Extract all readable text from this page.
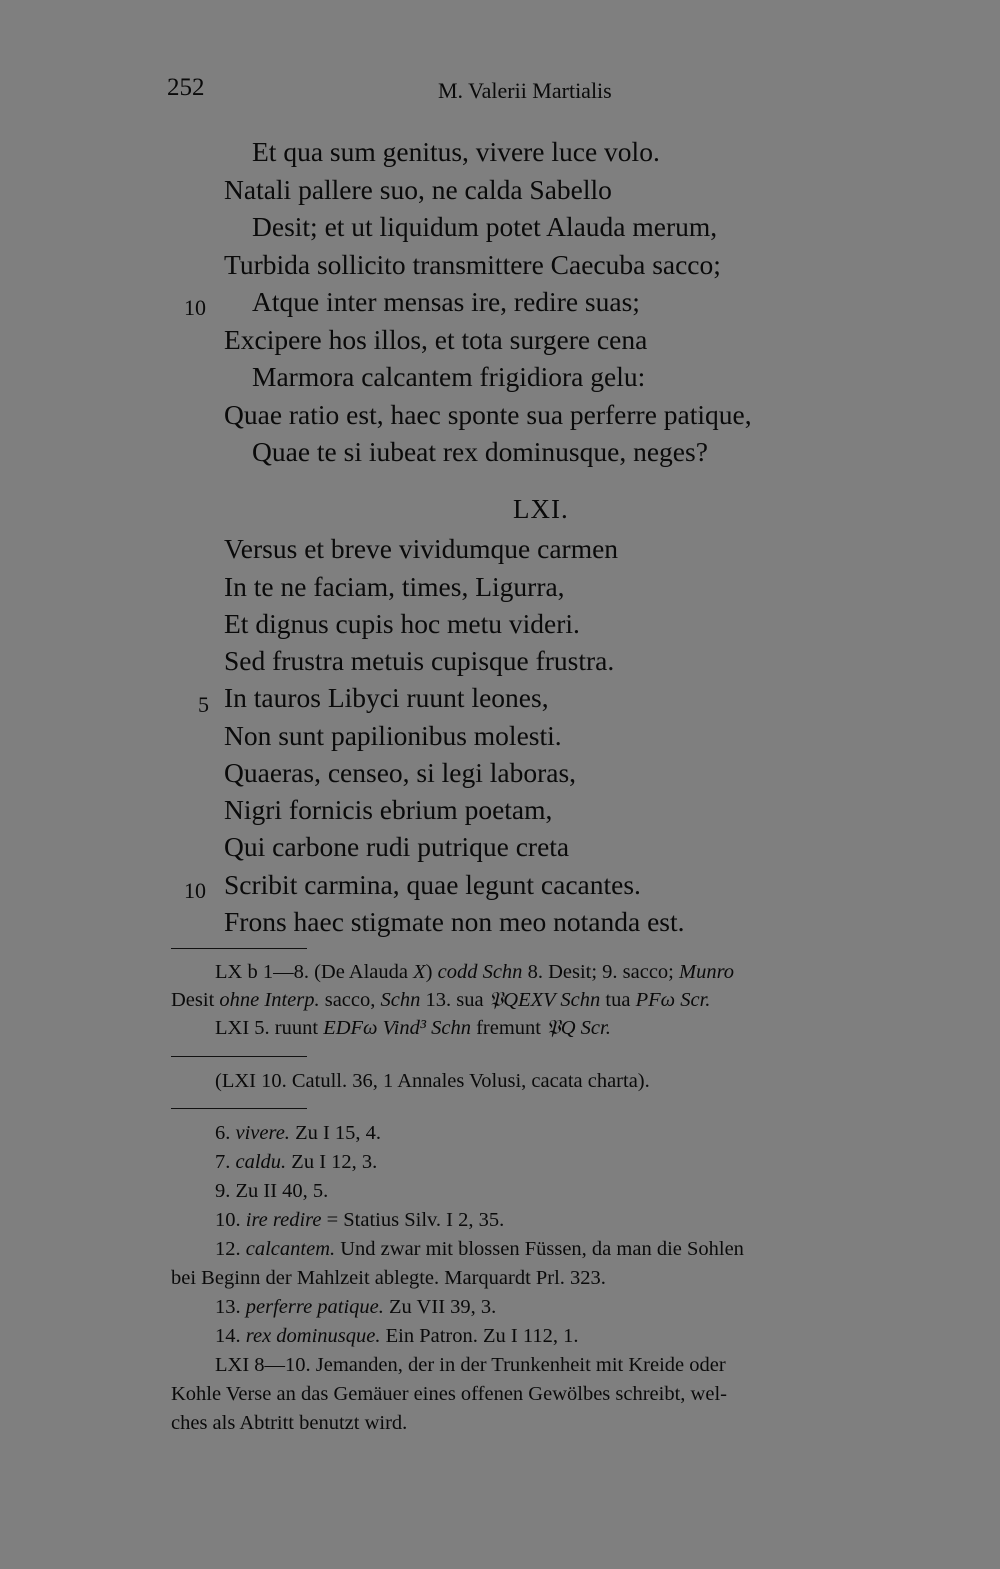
252	M. Valerii Martialis
Et qua sum genitus, vivere luce volo.
Natali pallere suo, ne calda Sabello
Desit; et ut liquidum potet Alauda merum,
Turbida sollicito transmittere Caecuba sacco;
10 Atque inter mensas ire, redire suas;
Excipere hos illos, et tota surgere cena
Marmora calcantem frigidiora gelu:
Quae ratio est, haec sponte sua perferre patique,
Quae te si iubeat rex dominusque, neges?
LXI.
Versus et breve vividumque carmen
In te ne faciam, times, Ligurra,
Et dignus cupis hoc metu videri.
Sed frustra metuis cupisque frustra.
5 In tauros Libyci ruunt leones,
Non sunt papilionibus molesti.
Quaeras, censeo, si legi laboras,
Nigri fornicis ebrium poetam,
Qui carbone rudi putrique creta
10 Scribit carmina, quae legunt cacantes.
Frons haec stigmate non meo notanda est.
LX b 1—8. (De Alauda X) codd Schn 8. Desit; 9. sacco; Munro
Desit ohne Interp. sacco, Schn 13. sua 𝔓QEXV Schn tua PFω Scr.
LXI 5. ruunt EDFω Vind³ Schn fremunt 𝔓Q Scr.
(LXI 10. Catull. 36, 1 Annales Volusi, cacata charta).
6. vivere. Zu I 15, 4.
7. caldu. Zu I 12, 3.
9. Zu II 40, 5.
10. ire redire = Statius Silv. I 2, 35.
12. calcantem. Und zwar mit blossen Füssen, da man die Sohlen
bei Beginn der Mahlzeit ablegte. Marquardt Prl. 323.
13. perferre patique. Zu VII 39, 3.
14. rex dominusque. Ein Patron. Zu I 112, 1.
LXI 8—10. Jemanden, der in der Trunkenheit mit Kreide oder
Kohle Verse an das Gemäuer eines offenen Gewölbes schreibt, wel-
ches als Abtritt benutzt wird.
